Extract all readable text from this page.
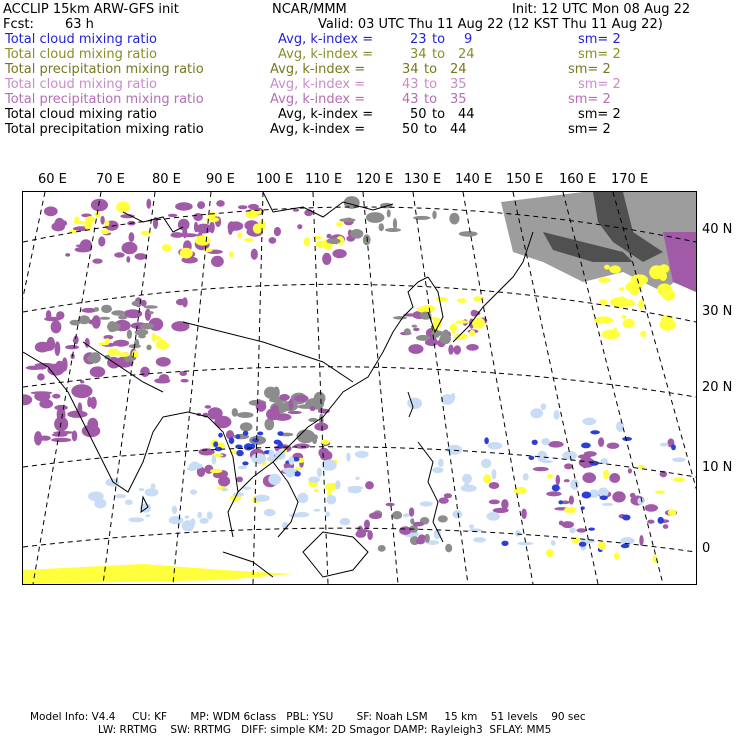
ACCLIP 15km ARW-GFS init	NCAR/MMM	Init: 12 UTC Mon 08 Aug 22
Fcst: 63 h	Valid: 03 UTC Thu 11 Aug 22 (12 KST Thu 11 Aug 22)
Total cloud mixing ratio	Avg, k-index =	23 to 9	sm= 2
Total cloud mixing ratio	Avg, k-index =	34 to 24	sm= 2
Total precipitation mixing ratio	Avg, k-index =	34 to 24	sm= 2
Total cloud mixing ratio	Avg, k-index =	43 to 35	sm= 2
Total precipitation mixing ratio	Avg, k-index =	43 to 35	sm= 2
Total cloud mixing ratio	Avg, k-index =	50 to 44	sm= 2
Total precipitation mixing ratio	Avg, k-index =	50 to 44	sm= 2
60 E 70 E 80 E 90 E 100 E 110 E 120 E 130 E 140 E 150 E 160 E 170 E
40 N
30 N
20 N
10 N
0
Model Info: V4.4     CU: KF       MP: WDM 6class   PBL: YSU       SF: Noah LSM     15 km    51 levels    90 sec
LW: RRTMG    SW: RRTMG   DIFF: simple KM: 2D Smagor DAMP: Rayleigh3  SFLAY: MM5
